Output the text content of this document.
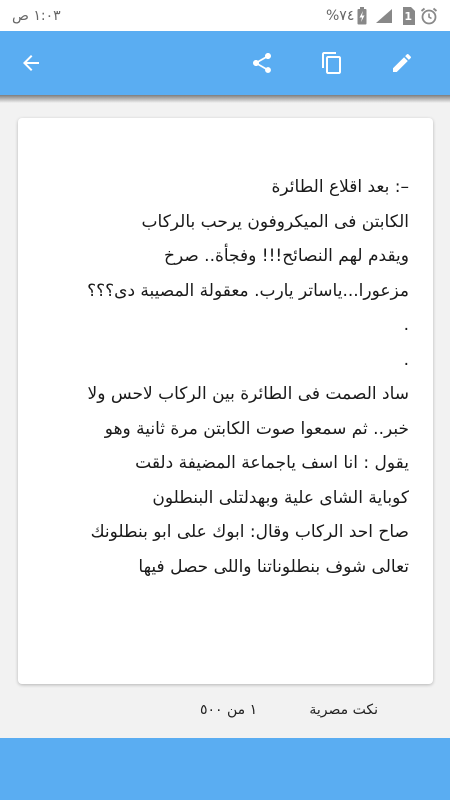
١:٠٣ ص	%٧٤	1
–: بعد اقلاع الطائرة
الكابتن فى الميكروفون يرحب بالركاب
ويقدم لهم النصائح!!! وفجأة.. صرخ
مزعورا...ياساتر يارب. معقولة المصيبة دى؟؟؟
.
.
ساد الصمت فى الطائرة بين الركاب لاحس ولا
خبر.. ثم سمعوا صوت الكابتن مرة ثانية وهو
يقول : انا اسف ياجماعة المضيفة دلقت
كوباية الشاى علية وبهدلتلى البنطلون
صاح احد الركاب وقال: ابوك على ابو بنطلونك
تعالى شوف بنطلوناتنا واللى حصل فيها
نكت مصرية
١ من ٥٠٠
